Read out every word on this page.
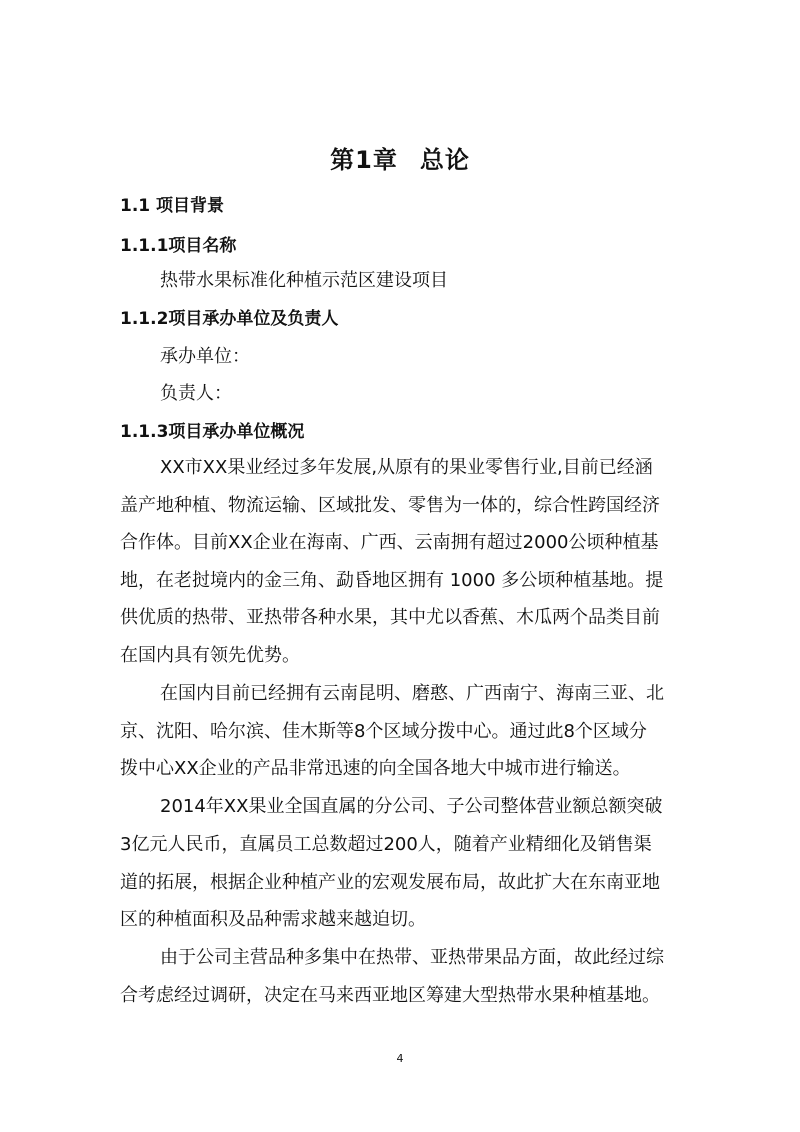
第1章 总论
1.1 项目背景
1.1.1项目名称
热带水果标准化种植示范区建设项目
1.1.2项目承办单位及负责人
承办单位：
负责人：
1.1.3项目承办单位概况
XX市XX果业经过多年发展,从原有的果业零售行业,目前已经涵
盖产地种植、物流运输、区域批发、零售为一体的，综合性跨国经济
合作体。目前XX企业在海南、广西、云南拥有超过2000公顷种植基
地，在老挝境内的金三角、勐昏地区拥有 1000 多公顷种植基地。提
供优质的热带、亚热带各种水果，其中尤以香蕉、木瓜两个品类目前
在国内具有领先优势。
在国内目前已经拥有云南昆明、磨憨、广西南宁、海南三亚、北
京、沈阳、哈尔滨、佳木斯等8个区域分拨中心。通过此8个区域分
拨中心XX企业的产品非常迅速的向全国各地大中城市进行输送。
2014年XX果业全国直属的分公司、子公司整体营业额总额突破
3亿元人民币，直属员工总数超过200人，随着产业精细化及销售渠
道的拓展，根据企业种植产业的宏观发展布局，故此扩大在东南亚地
区的种植面积及品种需求越来越迫切。
由于公司主营品种多集中在热带、亚热带果品方面，故此经过综
合考虑经过调研，决定在马来西亚地区筹建大型热带水果种植基地。
4
